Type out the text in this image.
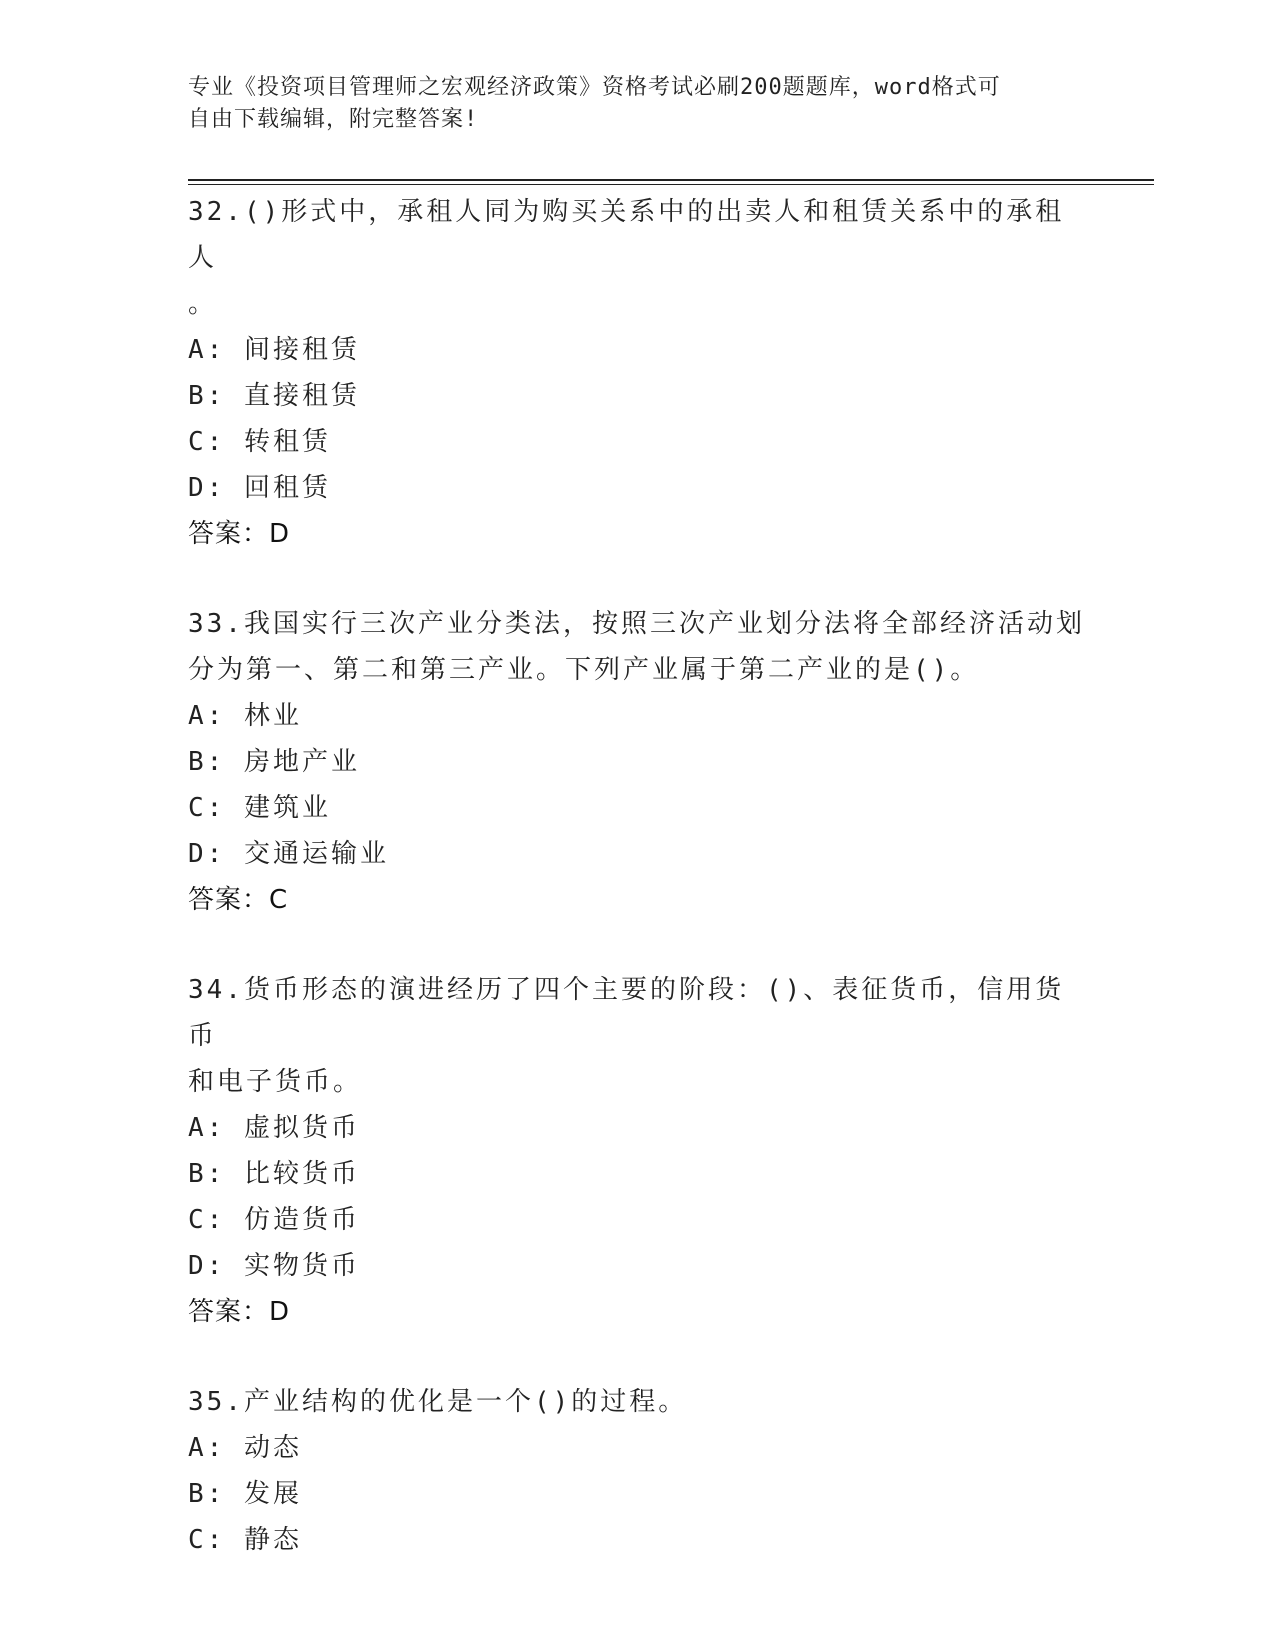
专业《投资项目管理师之宏观经济政策》资格考试必刷200题题库，word格式可
自由下载编辑，附完整答案!

32.()形式中，承租人同为购买关系中的出卖人和租赁关系中的承租人

。

A: 间接租赁

B: 直接租赁

C: 转租赁

D: 回租赁

答案：D

33.我国实行三次产业分类法，按照三次产业划分法将全部经济活动划

分为第一、第二和第三产业。下列产业属于第二产业的是()。

A: 林业

B: 房地产业

C: 建筑业

D: 交通运输业

答案：C

34.货币形态的演进经历了四个主要的阶段：()、表征货币，信用货币

和电子货币。

A: 虚拟货币

B: 比较货币

C: 仿造货币

D: 实物货币

答案：D

35.产业结构的优化是一个()的过程。

A: 动态

B: 发展

C: 静态
